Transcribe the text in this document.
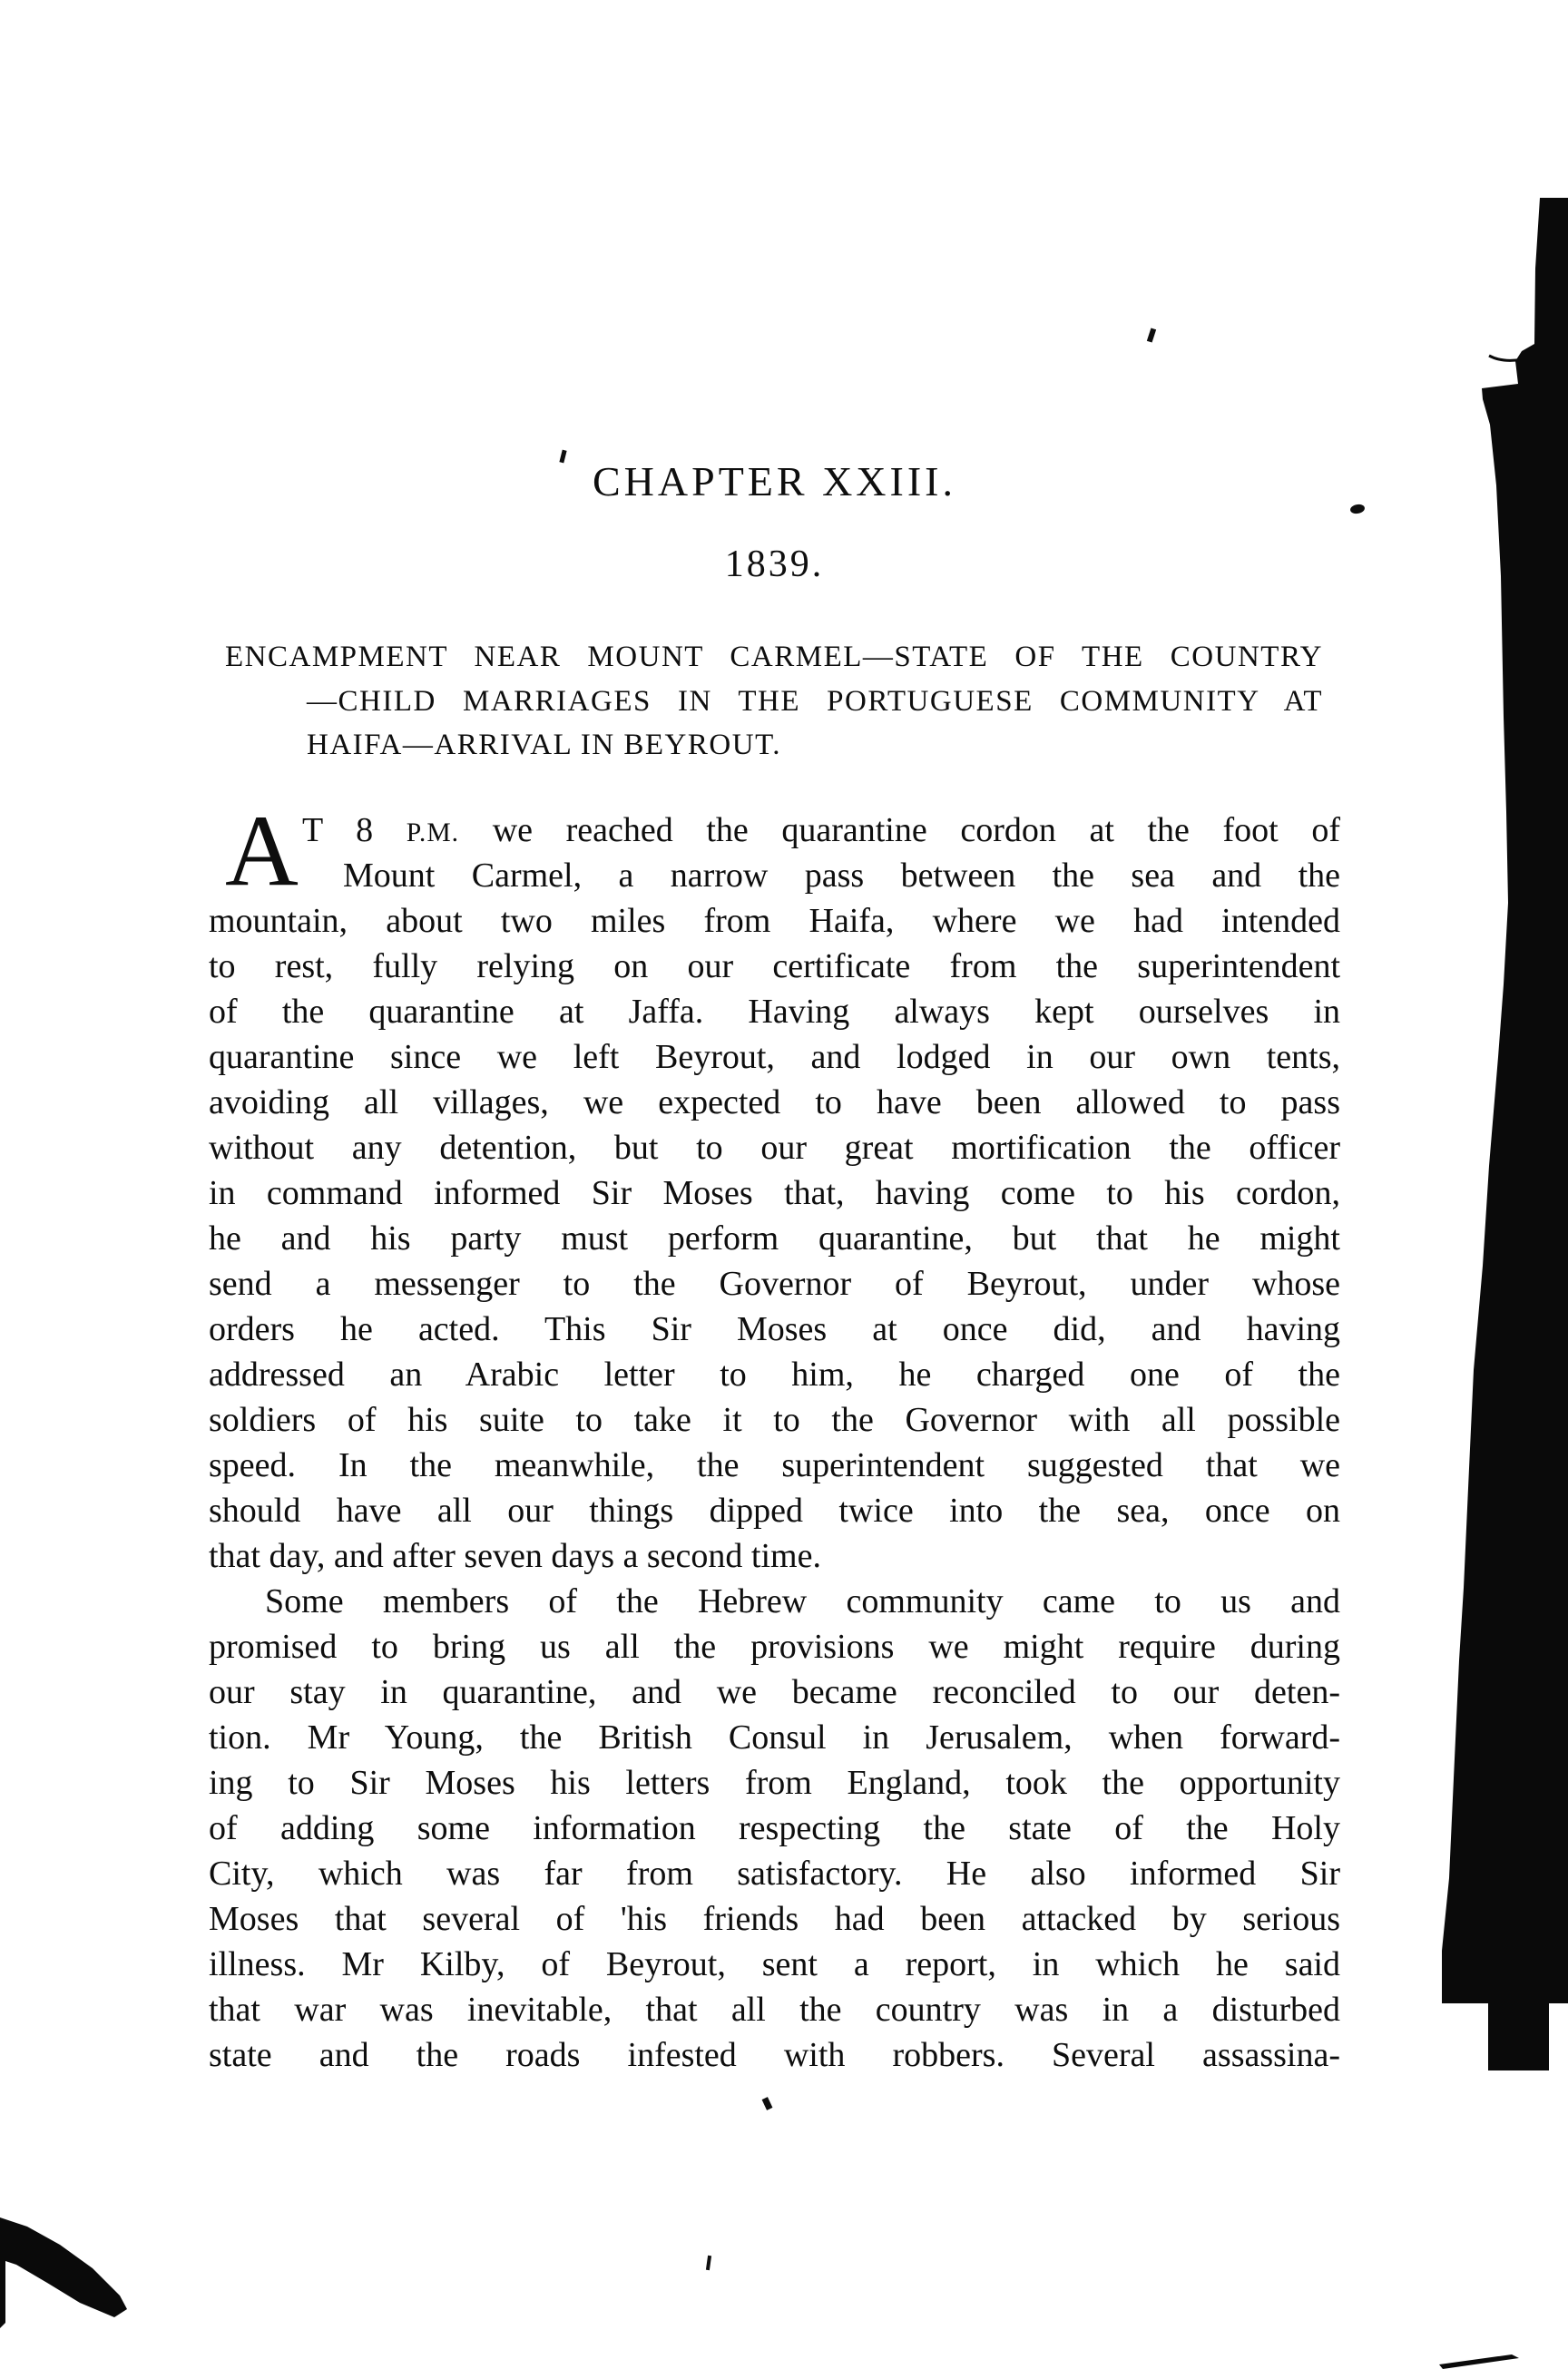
CHAPTER XXIII.
1839.
ENCAMPMENT NEAR MOUNT CARMEL—STATE OF THE COUNTRY
—CHILD MARRIAGES IN THE PORTUGUESE COMMUNITY AT
HAIFA—ARRIVAL IN BEYROUT.
A T 8 P.M. we reached the quarantine cordon at the foot of
Mount Carmel, a narrow pass between the sea and the
mountain, about two miles from Haifa, where we had intended
to rest, fully relying on our certificate from the superintendent
of the quarantine at Jaffa. Having always kept ourselves in
quarantine since we left Beyrout, and lodged in our own tents,
avoiding all villages, we expected to have been allowed to pass
without any detention, but to our great mortification the officer
in command informed Sir Moses that, having come to his cordon,
he and his party must perform quarantine, but that he might
send a messenger to the Governor of Beyrout, under whose
orders he acted. This Sir Moses at once did, and having
addressed an Arabic letter to him, he charged one of the
soldiers of his suite to take it to the Governor with all possible
speed. In the meanwhile, the superintendent suggested that we
should have all our things dipped twice into the sea, once on
that day, and after seven days a second time.
Some members of the Hebrew community came to us and
promised to bring us all the provisions we might require during
our stay in quarantine, and we became reconciled to our deten-
tion. Mr Young, the British Consul in Jerusalem, when forward-
ing to Sir Moses his letters from England, took the opportunity
of adding some information respecting the state of the Holy
City, which was far from satisfactory. He also informed Sir
Moses that several of 'his friends had been attacked by serious
illness. Mr Kilby, of Beyrout, sent a report, in which he said
that war was inevitable, that all the country was in a disturbed
state and the roads infested with robbers. Several assassina-
